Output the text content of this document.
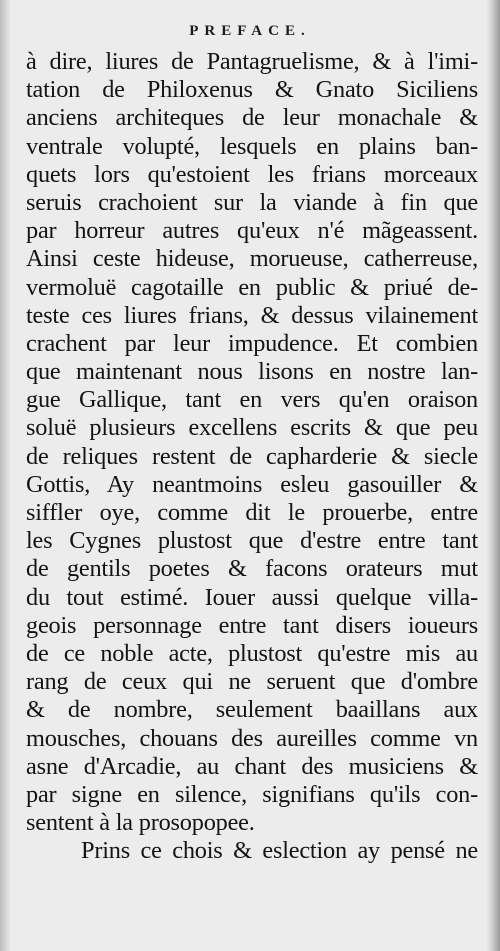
PREFACE.
à dire, liures de Pantagruelisme, & à l'imi-
tation de Philoxenus & Gnato Siciliens
anciens architeques de leur monachale &
ventrale volupté, lesquels en plains ban-
quets lors qu'estoient les frians morceaux
seruis crachoient sur la viande à fin que
par horreur autres qu'eux n'é mãgeassent.
Ainsi ceste hideuse, morueuse, catherreuse,
vermoluë cagotaille en public & priué de-
teste ces liures frians, & dessus vilainement
crachent par leur impudence. Et combien
que maintenant nous lisons en nostre lan-
gue Gallique, tant en vers qu'en oraison
soluë plusieurs excellens escrits & que peu
de reliques restent de capharderie & siecle
Gottis, Ay neantmoins esleu gasouiller &
siffler oye, comme dit le prouerbe, entre
les Cygnes plustost que d'estre entre tant
de gentils poetes & facons orateurs mut
du tout estimé. Iouer aussi quelque villa-
geois personnage entre tant disers ioueurs
de ce noble acte, plustost qu'estre mis au
rang de ceux qui ne seruent que d'ombre
& de nombre, seulement baaillans aux
mousches, chouans des aureilles comme vn
asne d'Arcadie, au chant des musiciens &
par signe en silence, signifians qu'ils con-
sentent à la prosopopee.
Prins ce chois & eslection ay pensé ne
